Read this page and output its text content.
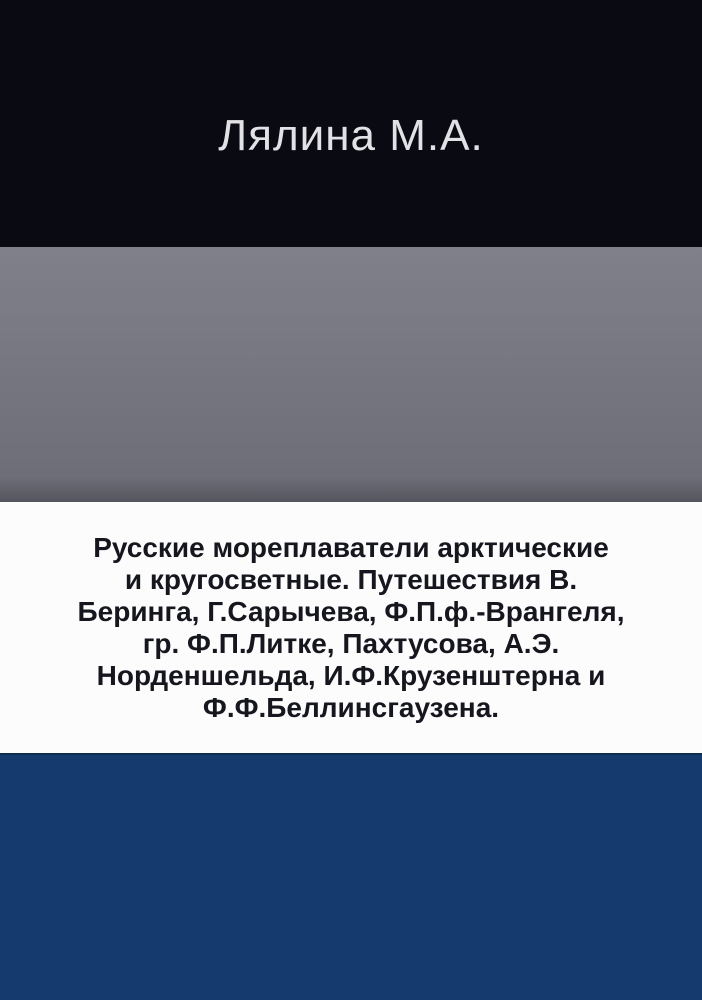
Лялина М.А.
Русские мореплаватели арктические
и кругосветные. Путешествия В.
Беринга, Г.Сарычева, Ф.П.ф.-Врангеля,
гр. Ф.П.Литке, Пахтусова, А.Э.
Норденшельда, И.Ф.Крузенштерна и
Ф.Ф.Беллинсгаузена.
